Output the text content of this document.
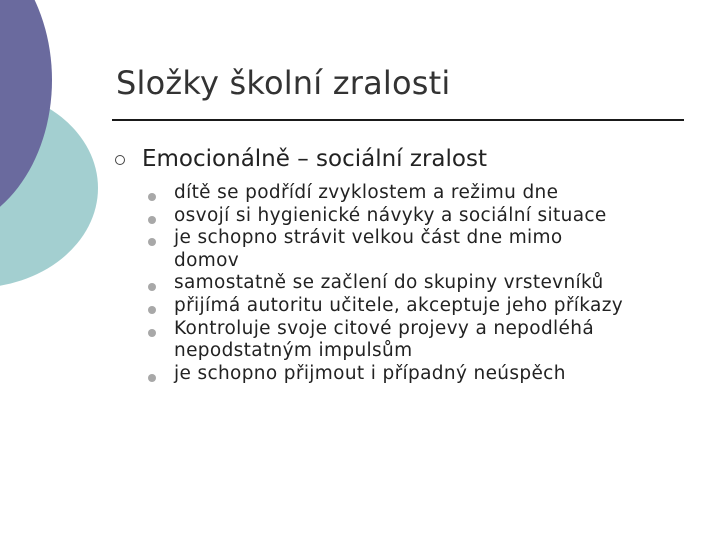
Složky školní zralosti
Emocionálně – sociální zralost
dítě se podřídí zvyklostem a režimu dne
osvojí si hygienické návyky a sociální situace
je schopno strávit velkou část dne mimo
domov
samostatně se začlení do skupiny vrstevníků
přijímá autoritu učitele, akceptuje jeho příkazy
Kontroluje svoje citové projevy a nepodléhá
nepodstatným impulsům
je schopno přijmout i případný neúspěch
